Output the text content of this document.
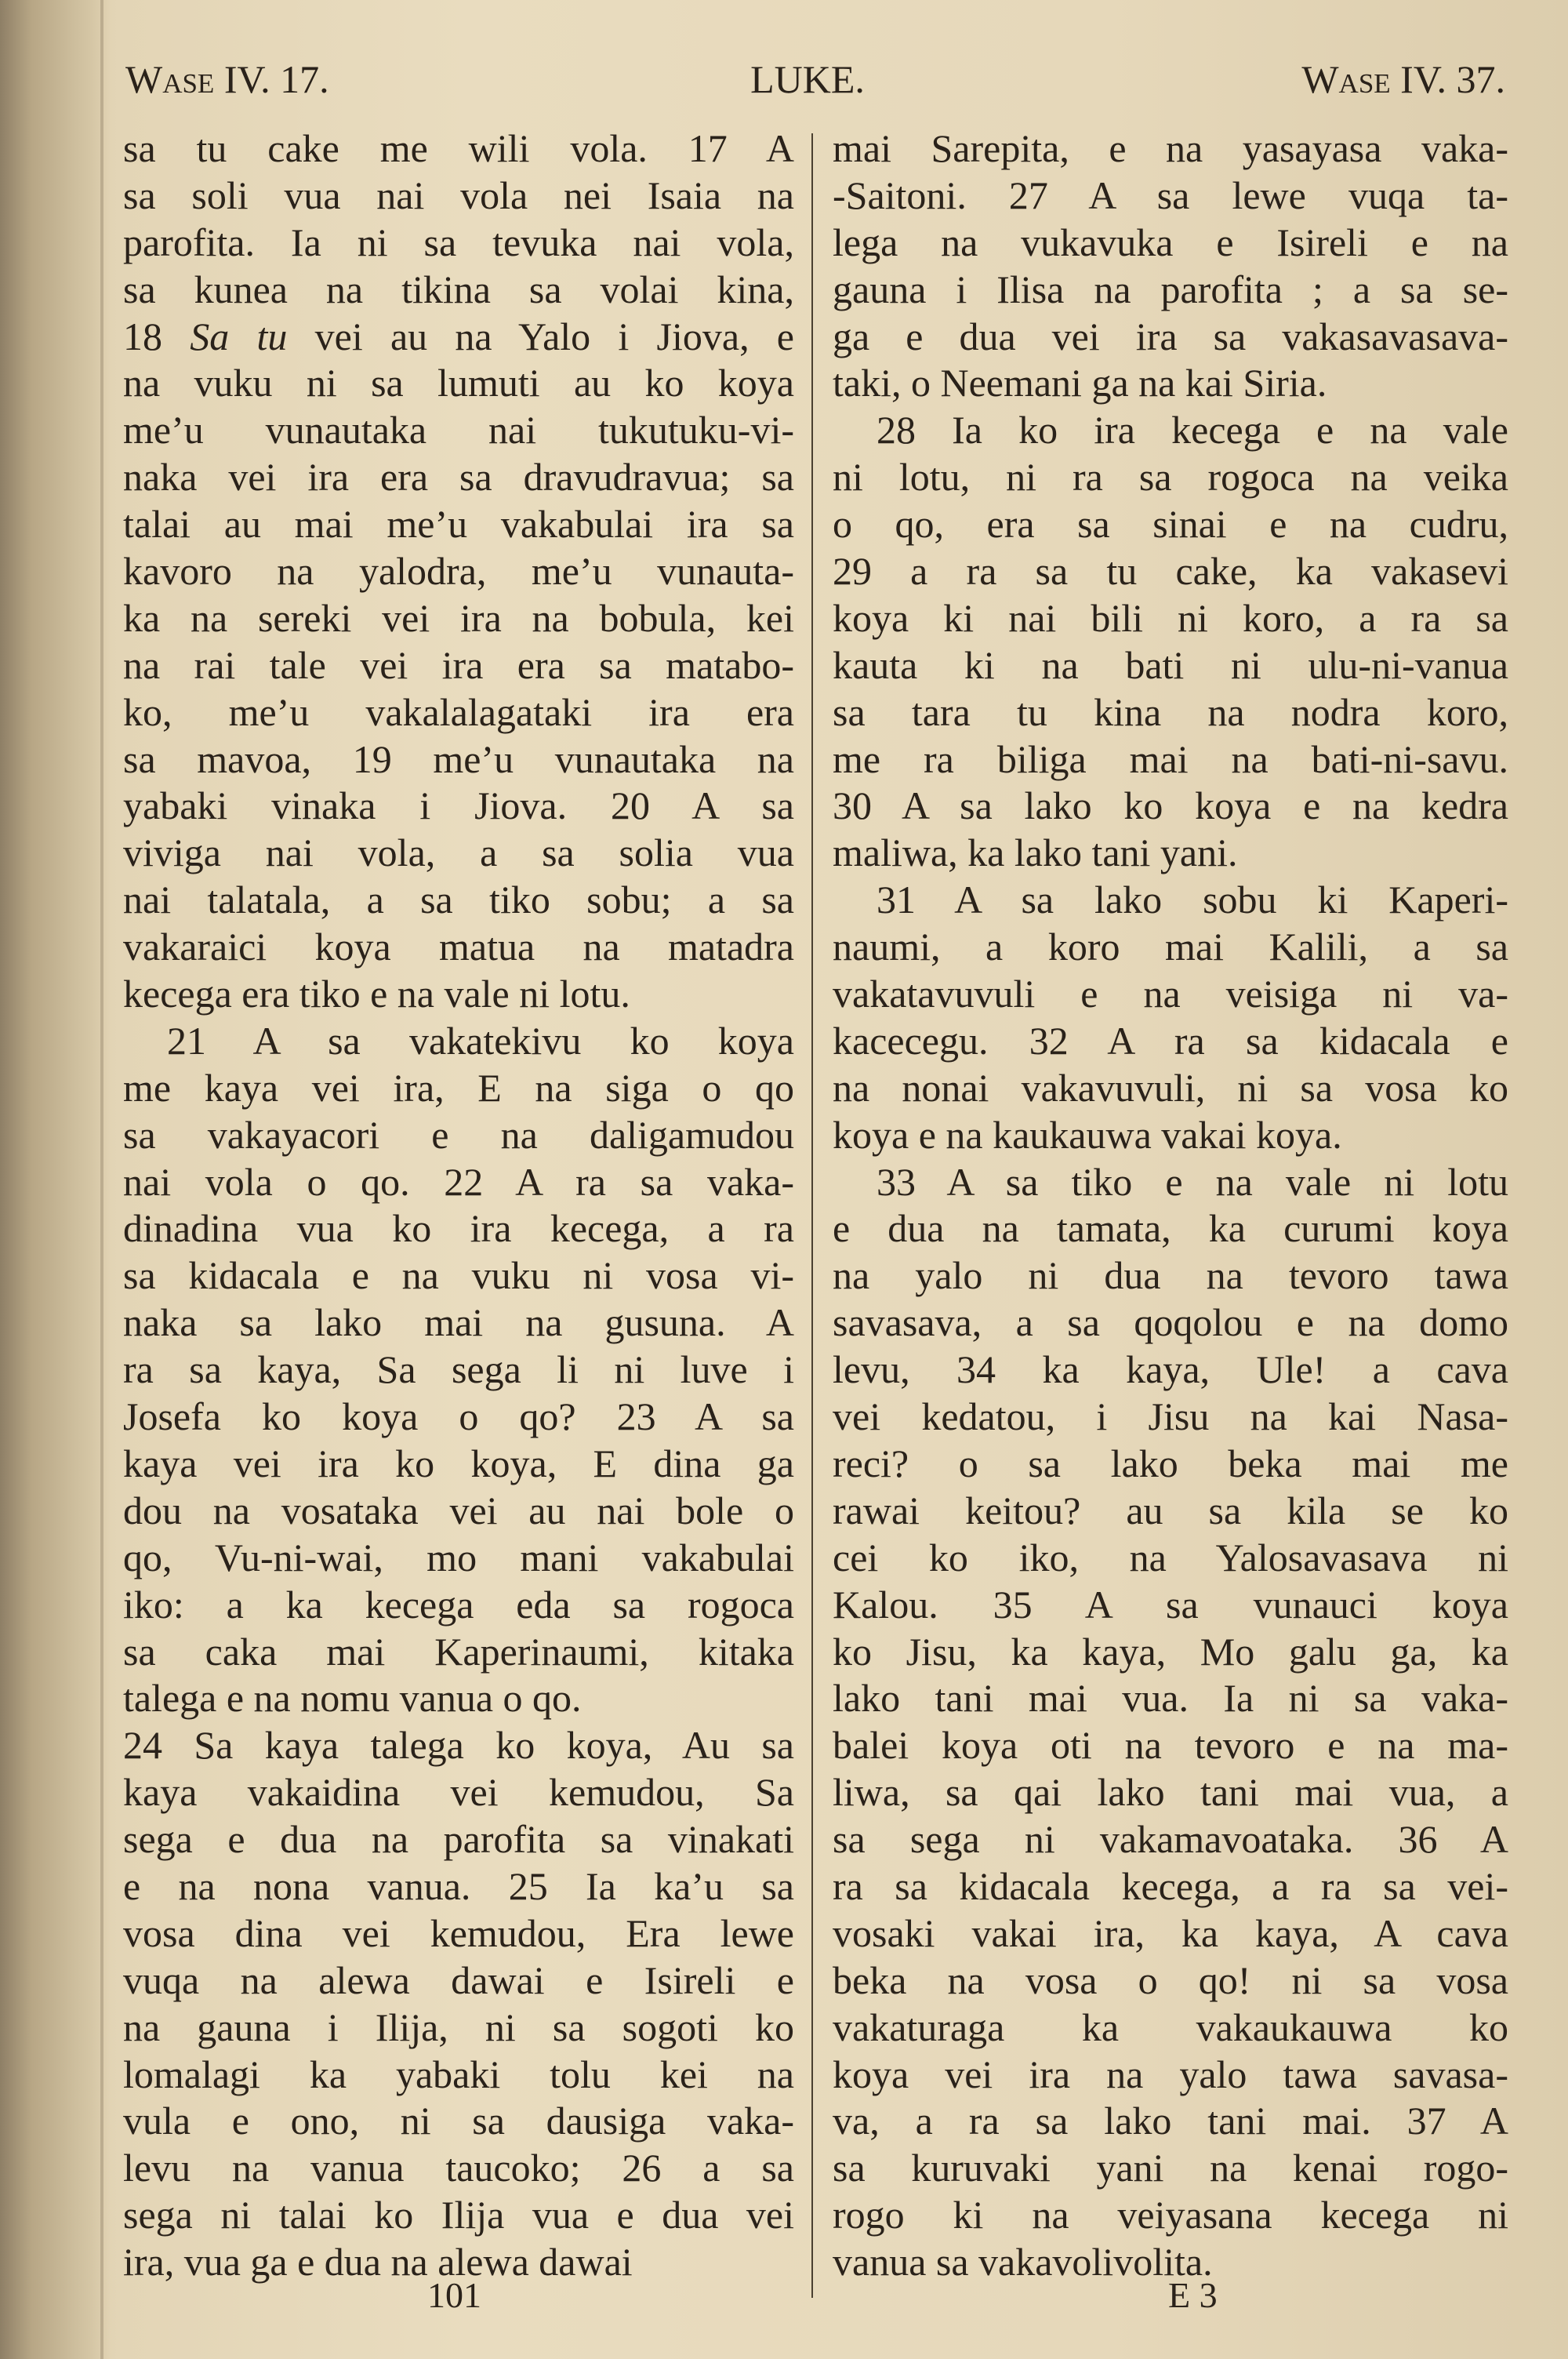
Wase IV. 17.	LUKE.	Wase IV. 37.
sa tu cake me wili vola. 17 A
sa soli vua nai vola nei Isaia na
parofita. Ia ni sa tevuka nai vola,
sa kunea na tikina sa volai kina,
18 Sa tu vei au na Yalo i Jiova, e
na vuku ni sa lumuti au ko koya
me’u vunautaka nai tukutuku-vi-
naka vei ira era sa dravudravua; sa
talai au mai me’u vakabulai ira sa
kavoro na yalodra, me’u vunauta-
ka na sereki vei ira na bobula, kei
na rai tale vei ira era sa matabo-
ko, me’u vakalalagataki ira era
sa mavoa, 19 me’u vunautaka na
yabaki vinaka i Jiova. 20 A sa
viviga nai vola, a sa solia vua
nai talatala, a sa tiko sobu; a sa
vakaraici koya matua na matadra
kecega era tiko e na vale ni lotu.
21 A sa vakatekivu ko koya
me kaya vei ira, E na siga o qo
sa vakayacori e na daligamudou
nai vola o qo. 22 A ra sa vaka-
dinadina vua ko ira kecega, a ra
sa kidacala e na vuku ni vosa vi-
naka sa lako mai na gusuna. A
ra sa kaya, Sa sega li ni luve i
Josefa ko koya o qo? 23 A sa
kaya vei ira ko koya, E dina ga
dou na vosataka vei au nai bole o
qo, Vu-ni-wai, mo mani vakabulai
iko: a ka kecega eda sa rogoca
sa caka mai Kaperinaumi, kitaka
talega e na nomu vanua o qo.
24 Sa kaya talega ko koya, Au sa
kaya vakaidina vei kemudou, Sa
sega e dua na parofita sa vinakati
e na nona vanua. 25 Ia ka’u sa
vosa dina vei kemudou, Era lewe
vuqa na alewa dawai e Isireli e
na gauna i Ilija, ni sa sogoti ko
lomalagi ka yabaki tolu kei na
vula e ono, ni sa dausiga vaka-
levu na vanua taucoko; 26 a sa
sega ni talai ko Ilija vua e dua vei
ira, vua ga e dua na alewa dawai
mai Sarepita, e na yasayasa vaka-
-Saitoni. 27 A sa lewe vuqa ta-
lega na vukavuka e Isireli e na
gauna i Ilisa na parofita ; a sa se-
ga e dua vei ira sa vakasavasava-
taki, o Neemani ga na kai Siria.
28 Ia ko ira kecega e na vale
ni lotu, ni ra sa rogoca na veika
o qo, era sa sinai e na cudru,
29 a ra sa tu cake, ka vakasevi
koya ki nai bili ni koro, a ra sa
kauta ki na bati ni ulu-ni-vanua
sa tara tu kina na nodra koro,
me ra biliga mai na bati-ni-savu.
30 A sa lako ko koya e na kedra
maliwa, ka lako tani yani.
31 A sa lako sobu ki Kaperi-
naumi, a koro mai Kalili, a sa
vakatavuvuli e na veisiga ni va-
kacecegu. 32 A ra sa kidacala e
na nonai vakavuvuli, ni sa vosa ko
koya e na kaukauwa vakai koya.
33 A sa tiko e na vale ni lotu
e dua na tamata, ka curumi koya
na yalo ni dua na tevoro tawa
savasava, a sa qoqolou e na domo
levu, 34 ka kaya, Ule! a cava
vei kedatou, i Jisu na kai Nasa-
reci? o sa lako beka mai me
rawai keitou? au sa kila se ko
cei ko iko, na Yalosavasava ni
Kalou. 35 A sa vunauci koya
ko Jisu, ka kaya, Mo galu ga, ka
lako tani mai vua. Ia ni sa vaka-
balei koya oti na tevoro e na ma-
liwa, sa qai lako tani mai vua, a
sa sega ni vakamavoataka. 36 A
ra sa kidacala kecega, a ra sa vei-
vosaki vakai ira, ka kaya, A cava
beka na vosa o qo! ni sa vosa
vakaturaga ka vakaukauwa ko
koya vei ira na yalo tawa savasa-
va, a ra sa lako tani mai. 37 A
sa kuruvaki yani na kenai rogo-
rogo ki na veiyasana kecega ni
vanua sa vakavolivolita.
101	E 3
